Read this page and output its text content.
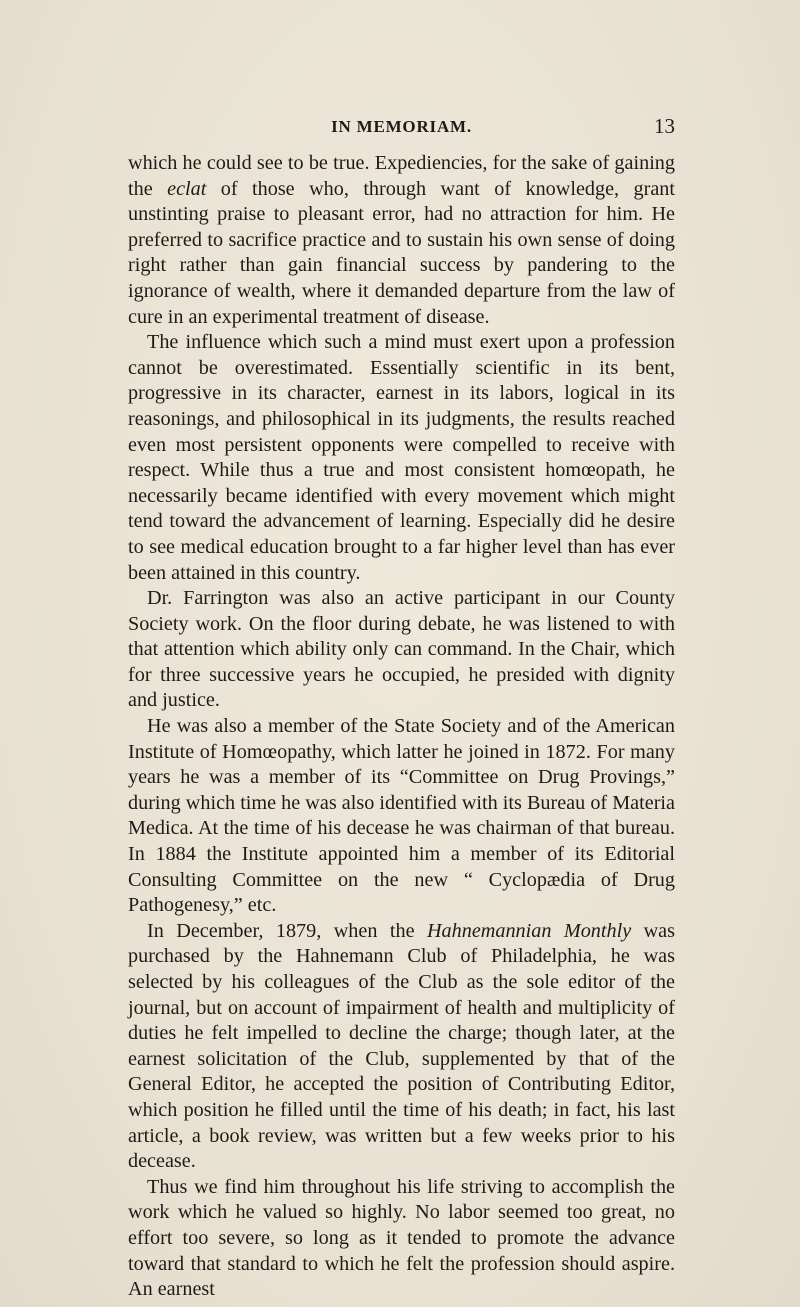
IN MEMORIAM.	13

which he could see to be true. Expediencies, for the sake of gaining the eclat of those who, through want of knowledge, grant unstinting praise to pleasant error, had no attraction for him. He preferred to sacrifice practice and to sustain his own sense of doing right rather than gain financial success by pandering to the ignorance of wealth, where it demanded departure from the law of cure in an experimental treatment of disease.

The influence which such a mind must exert upon a profession cannot be overestimated. Essentially scientific in its bent, progressive in its character, earnest in its labors, logical in its reasonings, and philosophical in its judgments, the results reached even most persistent opponents were compelled to receive with respect. While thus a true and most consistent homœopath, he necessarily became identified with every movement which might tend toward the advancement of learning. Especially did he desire to see medical education brought to a far higher level than has ever been attained in this country.

Dr. Farrington was also an active participant in our County Society work. On the floor during debate, he was listened to with that attention which ability only can command. In the Chair, which for three successive years he occupied, he presided with dignity and justice.

He was also a member of the State Society and of the American Institute of Homœopathy, which latter he joined in 1872. For many years he was a member of its “Committee on Drug Provings,” during which time he was also identified with its Bureau of Materia Medica. At the time of his decease he was chairman of that bureau. In 1884 the Institute appointed him a member of its Editorial Consulting Committee on the new “ Cyclopædia of Drug Pathogenesy,” etc.

In December, 1879, when the Hahnemannian Monthly was purchased by the Hahnemann Club of Philadelphia, he was selected by his colleagues of the Club as the sole editor of the journal, but on account of impairment of health and multiplicity of duties he felt impelled to decline the charge; though later, at the earnest solicitation of the Club, supplemented by that of the General Editor, he accepted the position of Contributing Editor, which position he filled until the time of his death; in fact, his last article, a book review, was written but a few weeks prior to his decease.

Thus we find him throughout his life striving to accomplish the work which he valued so highly. No labor seemed too great, no effort too severe, so long as it tended to promote the advance toward that standard to which he felt the profession should aspire. An earnest
